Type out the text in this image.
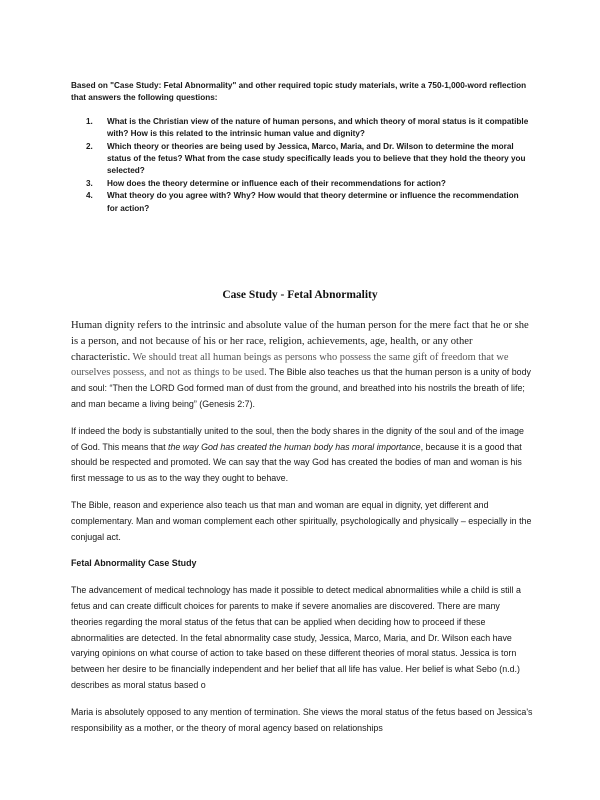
Based on "Case Study: Fetal Abnormality" and other required topic study materials, write a 750-1,000-word reflection that answers the following questions:

1. What is the Christian view of the nature of human persons, and which theory of moral status is it compatible with? How is this related to the intrinsic human value and dignity?
2. Which theory or theories are being used by Jessica, Marco, Maria, and Dr. Wilson to determine the moral status of the fetus? What from the case study specifically leads you to believe that they hold the theory you selected?
3. How does the theory determine or influence each of their recommendations for action?
4. What theory do you agree with? Why? How would that theory determine or influence the recommendation for action?
Case Study - Fetal Abnormality

Human dignity refers to the intrinsic and absolute value of the human person for the mere fact that he or she is a person, and not because of his or her race, religion, achievements, age, health, or any other characteristic. We should treat all human beings as persons who possess the same gift of freedom that we ourselves possess, and not as things to be used. The Bible also teaches us that the human person is a unity of body and soul: “Then the LORD God formed man of dust from the ground, and breathed into his nostrils the breath of life; and man became a living being” (Genesis 2:7).

If indeed the body is substantially united to the soul, then the body shares in the dignity of the soul and of the image of God. This means that the way God has created the human body has moral importance, because it is a good that should be respected and promoted. We can say that the way God has created the bodies of man and woman is his first message to us as to the way they ought to behave.

The Bible, reason and experience also teach us that man and woman are equal in dignity, yet different and complementary. Man and woman complement each other spiritually, psychologically and physically – especially in the conjugal act.

Fetal Abnormality Case Study

The advancement of medical technology has made it possible to detect medical abnormalities while a child is still a fetus and can create difficult choices for parents to make if severe anomalies are discovered. There are many theories regarding the moral status of the fetus that can be applied when deciding how to proceed if these abnormalities are detected. In the fetal abnormality case study, Jessica, Marco, Maria, and Dr. Wilson each have varying opinions on what course of action to take based on these different theories of moral status. Jessica is torn between her desire to be financially independent and her belief that all life has value. Her belief is what Sebo (n.d.) describes as moral status based o

Maria is absolutely opposed to any mention of termination. She views the moral status of the fetus based on Jessica's responsibility as a mother, or the theory of moral agency based on relationships
